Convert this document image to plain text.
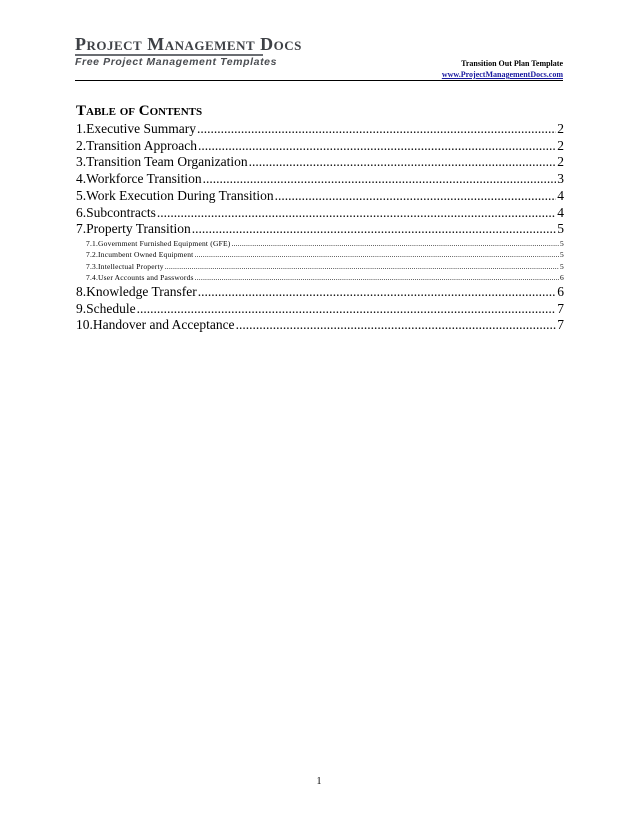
Project Management Docs
Free Project Management Templates	Transition Out Plan Template
www.ProjectManagementDocs.com
Table of Contents
1.Executive Summary .....	2
2.Transition Approach .....	2
3.Transition Team Organization .....	2
4.Workforce Transition .....	3
5.Work Execution During Transition .....	4
6.Subcontracts .....	4
7.Property Transition .....	5
7.1.Government Furnished Equipment (GFE) .....	5
7.2.Incumbent Owned Equipment .....	5
7.3.Intellectual Property .....	5
7.4.User Accounts and Passwords .....	6
8.Knowledge Transfer .....	6
9.Schedule .....	7
10.Handover and Acceptance .....	7
1
